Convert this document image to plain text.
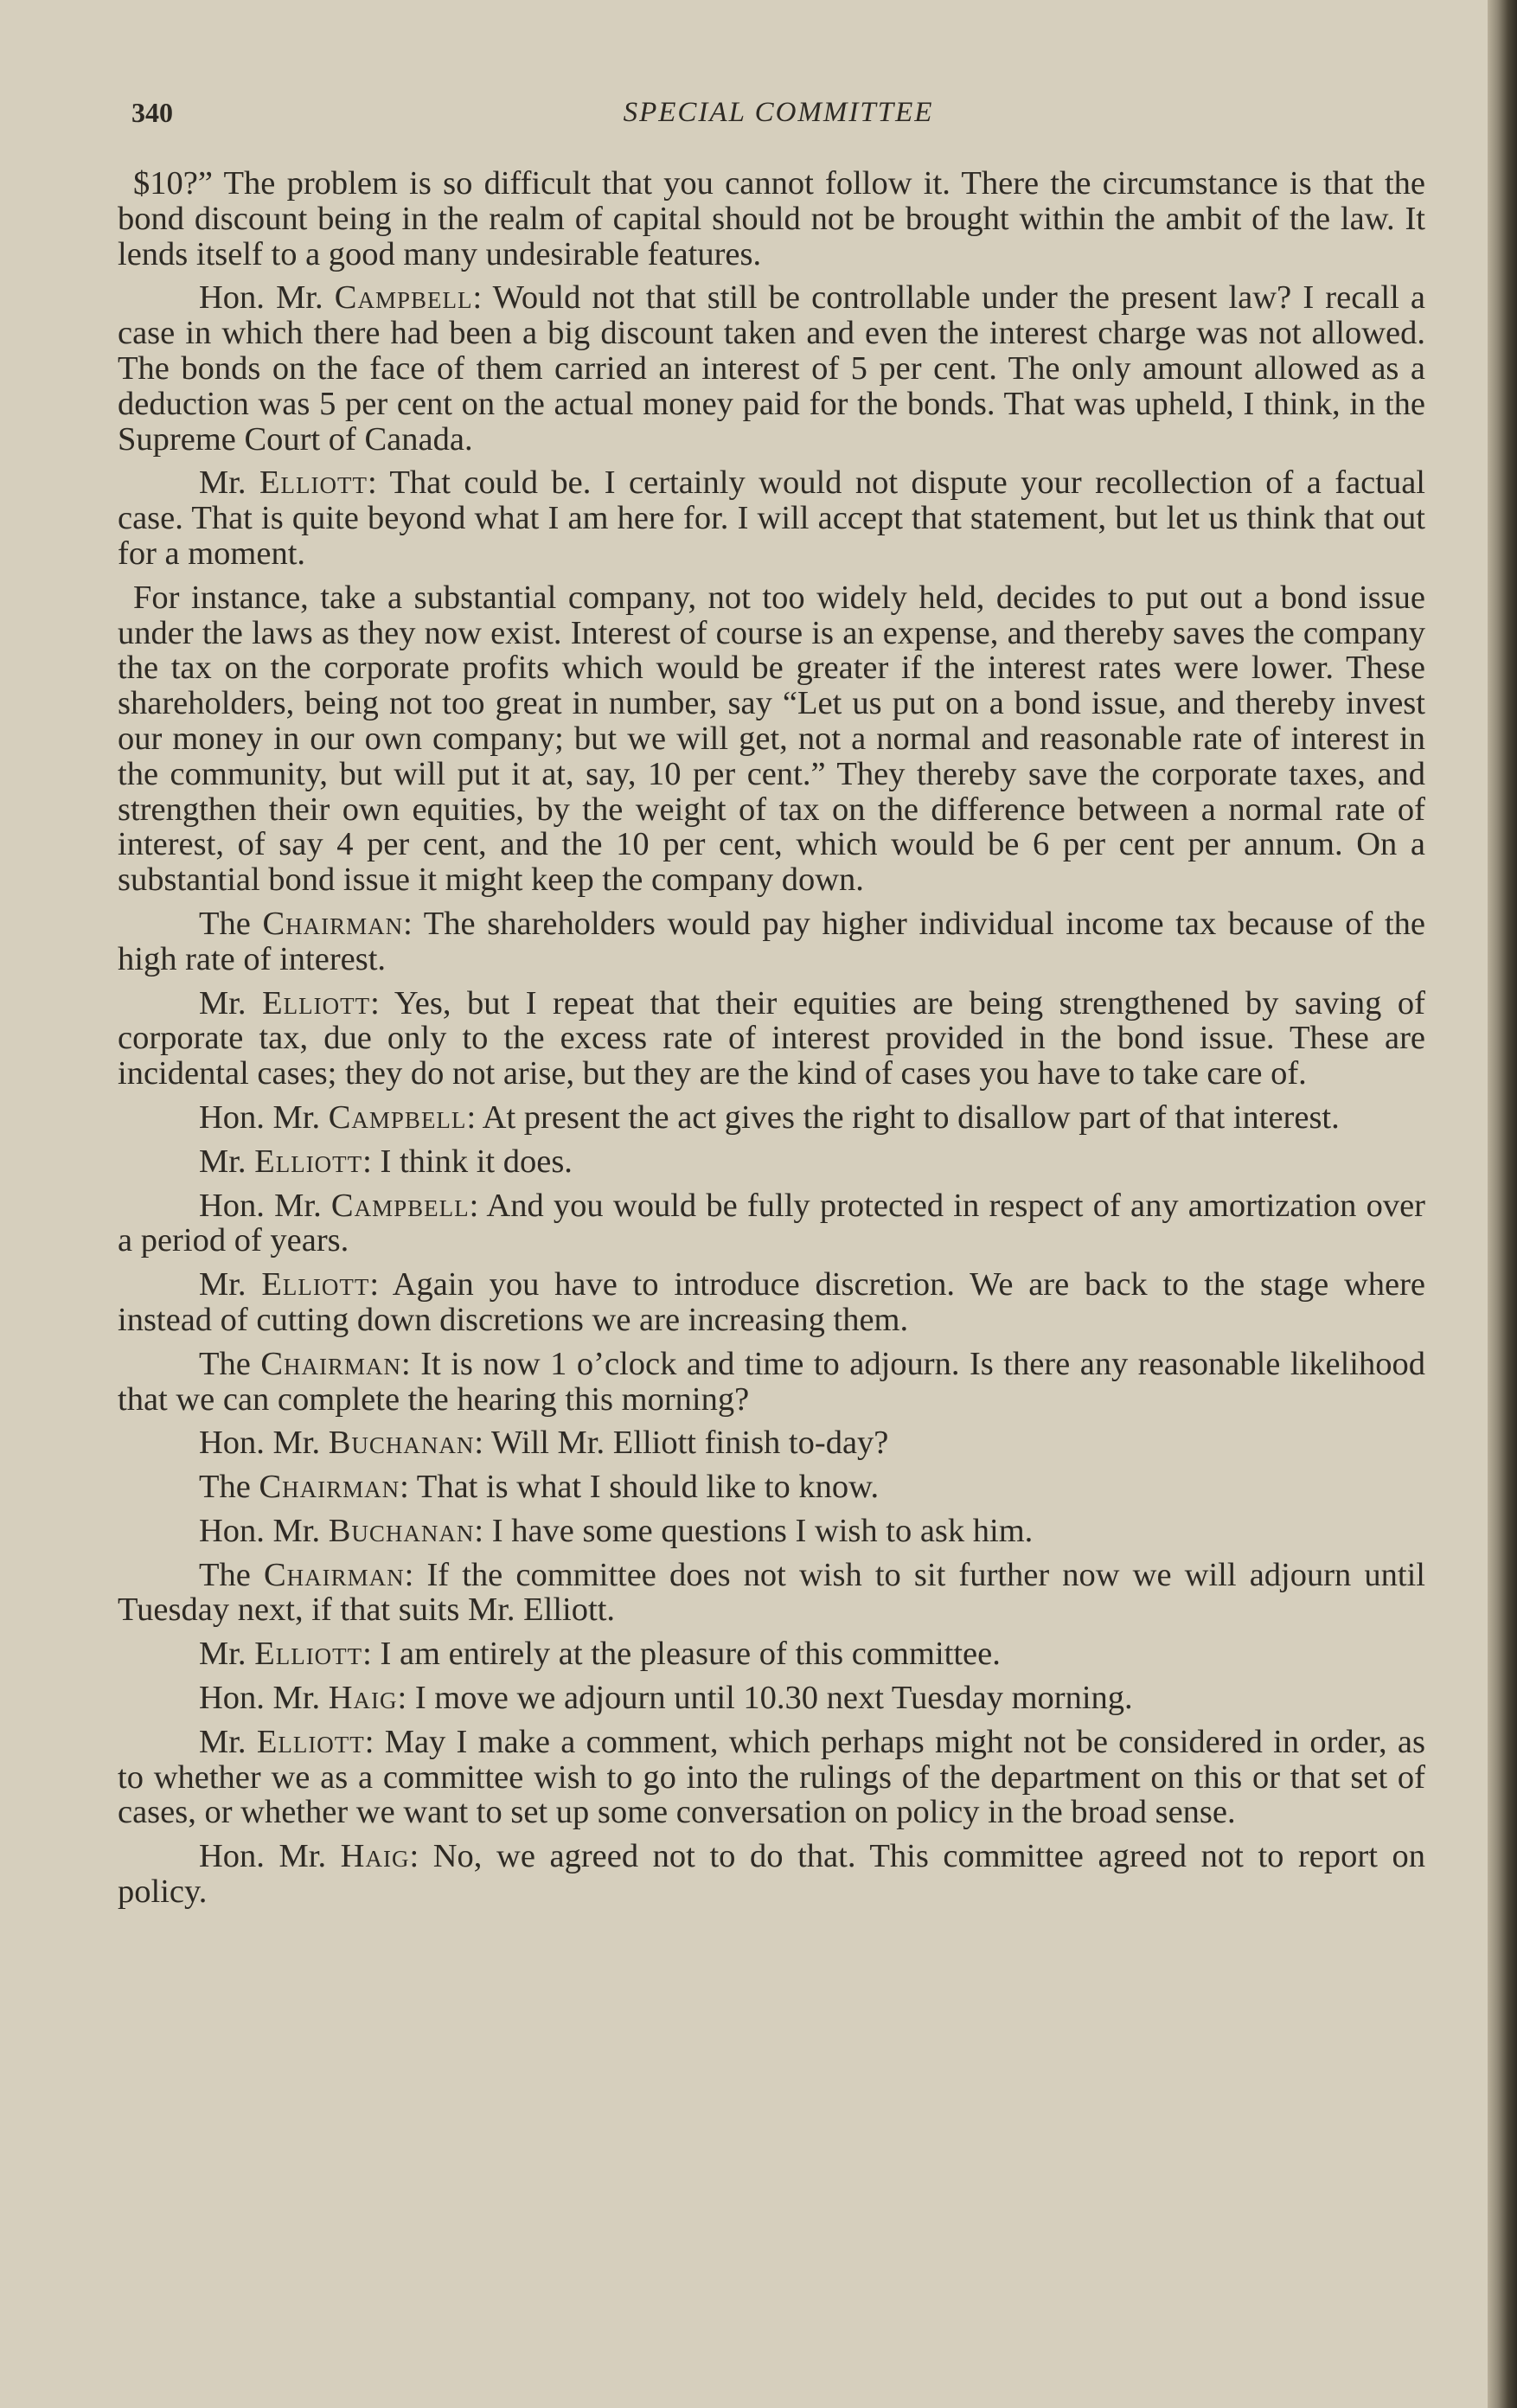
340	SPECIAL COMMITTEE

$10?” The problem is so difficult that you cannot follow it. There the circumstance is that the bond discount being in the realm of capital should not be brought within the ambit of the law. It lends itself to a good many undesirable features.

Hon. Mr. Campbell: Would not that still be controllable under the present law? I recall a case in which there had been a big discount taken and even the interest charge was not allowed. The bonds on the face of them carried an interest of 5 per cent. The only amount allowed as a deduction was 5 per cent on the actual money paid for the bonds. That was upheld, I think, in the Supreme Court of Canada.

Mr. Elliott: That could be. I certainly would not dispute your recollection of a factual case. That is quite beyond what I am here for. I will accept that statement, but let us think that out for a moment.

For instance, take a substantial company, not too widely held, decides to put out a bond issue under the laws as they now exist. Interest of course is an expense, and thereby saves the company the tax on the corporate profits which would be greater if the interest rates were lower. These shareholders, being not too great in number, say “Let us put on a bond issue, and thereby invest our money in our own company; but we will get, not a normal and reasonable rate of interest in the community, but will put it at, say, 10 per cent.” They thereby save the corporate taxes, and strengthen their own equities, by the weight of tax on the difference between a normal rate of interest, of say 4 per cent, and the 10 per cent, which would be 6 per cent per annum. On a substantial bond issue it might keep the company down.

The Chairman: The shareholders would pay higher individual income tax because of the high rate of interest.

Mr. Elliott: Yes, but I repeat that their equities are being strengthened by saving of corporate tax, due only to the excess rate of interest provided in the bond issue. These are incidental cases; they do not arise, but they are the kind of cases you have to take care of.

Hon. Mr. Campbell: At present the act gives the right to disallow part of that interest.

Mr. Elliott: I think it does.

Hon. Mr. Campbell: And you would be fully protected in respect of any amortization over a period of years.

Mr. Elliott: Again you have to introduce discretion. We are back to the stage where instead of cutting down discretions we are increasing them.

The Chairman: It is now 1 o’clock and time to adjourn. Is there any reasonable likelihood that we can complete the hearing this morning?

Hon. Mr. Buchanan: Will Mr. Elliott finish to-day?

The Chairman: That is what I should like to know.

Hon. Mr. Buchanan: I have some questions I wish to ask him.

The Chairman: If the committee does not wish to sit further now we will adjourn until Tuesday next, if that suits Mr. Elliott.

Mr. Elliott: I am entirely at the pleasure of this committee.

Hon. Mr. Haig: I move we adjourn until 10.30 next Tuesday morning.

Mr. Elliott: May I make a comment, which perhaps might not be considered in order, as to whether we as a committee wish to go into the rulings of the department on this or that set of cases, or whether we want to set up some conversation on policy in the broad sense.

Hon. Mr. Haig: No, we agreed not to do that. This committee agreed not to report on policy.
